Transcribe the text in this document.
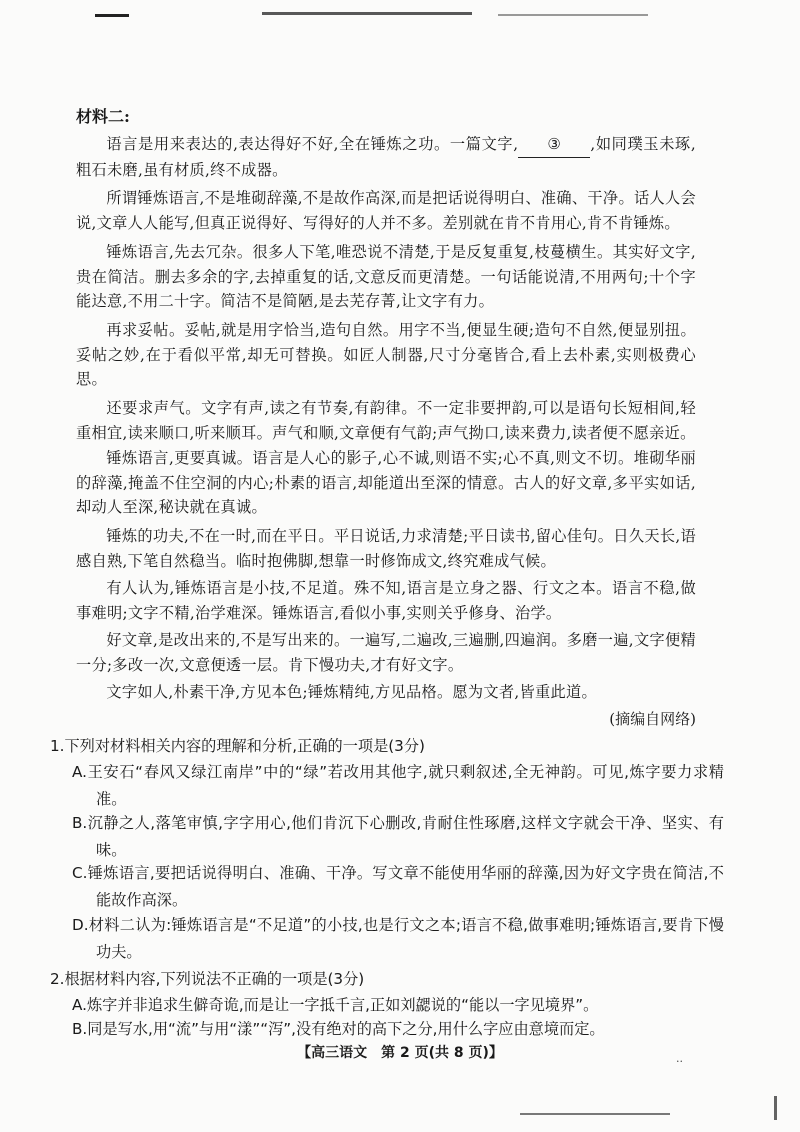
..
材料二:

语言是用来表达的,表达得好不好,全在锤炼之功。一篇文字, ③ ,如同璞玉未琢,粗石未磨,虽有材质,终不成器。

所谓锤炼语言,不是堆砌辞藻,不是故作高深,而是把话说得明白、准确、干净。话人人会说,文章人人能写,但真正说得好、写得好的人并不多。差别就在肯不肯用心,肯不肯锤炼。

锤炼语言,先去冗杂。很多人下笔,唯恐说不清楚,于是反复重复,枝蔓横生。其实好文字,贵在简洁。删去多余的字,去掉重复的话,文意反而更清楚。一句话能说清,不用两句;十个字能达意,不用二十字。简洁不是简陋,是去芜存菁,让文字有力。

再求妥帖。妥帖,就是用字恰当,造句自然。用字不当,便显生硬;造句不自然,便显别扭。妥帖之妙,在于看似平常,却无可替换。如匠人制器,尺寸分毫皆合,看上去朴素,实则极费心思。

还要求声气。文字有声,读之有节奏,有韵律。不一定非要押韵,可以是语句长短相间,轻重相宜,读来顺口,听来顺耳。声气和顺,文章便有气韵;声气拗口,读来费力,读者便不愿亲近。

锤炼语言,更要真诚。语言是人心的影子,心不诚,则语不实;心不真,则文不切。堆砌华丽的辞藻,掩盖不住空洞的内心;朴素的语言,却能道出至深的情意。古人的好文章,多平实如话,却动人至深,秘诀就在真诚。

锤炼的功夫,不在一时,而在平日。平日说话,力求清楚;平日读书,留心佳句。日久天长,语感自熟,下笔自然稳当。临时抱佛脚,想靠一时修饰成文,终究难成气候。

有人认为,锤炼语言是小技,不足道。殊不知,语言是立身之器、行文之本。语言不稳,做事难明;文字不精,治学难深。锤炼语言,看似小事,实则关乎修身、治学。

好文章,是改出来的,不是写出来的。一遍写,二遍改,三遍删,四遍润。多磨一遍,文字便精一分;多改一次,文意便透一层。肯下慢功夫,才有好文字。

文字如人,朴素干净,方见本色;锤炼精纯,方见品格。愿为文者,皆重此道。

(摘编自网络)
1.下列对材料相关内容的理解和分析,正确的一项是(3分)
A.王安石“春风又绿江南岸”中的“绿”若改用其他字,就只剩叙述,全无神韵。可见,炼字要力求精准。
B.沉静之人,落笔审慎,字字用心,他们肯沉下心删改,肯耐住性琢磨,这样文字就会干净、坚实、有味。
C.锤炼语言,要把话说得明白、准确、干净。写文章不能使用华丽的辞藻,因为好文字贵在简洁,不能故作高深。
D.材料二认为:锤炼语言是“不足道”的小技,也是行文之本;语言不稳,做事难明;锤炼语言,要肯下慢功夫。
2.根据材料内容,下列说法不正确的一项是(3分)
A.炼字并非追求生僻奇诡,而是让一字抵千言,正如刘勰说的“能以一字见境界”。
B.同是写水,用“流”与用“漾”“泻”,没有绝对的高下之分,用什么字应由意境而定。
【高三语文　第 2 页(共 8 页)】
